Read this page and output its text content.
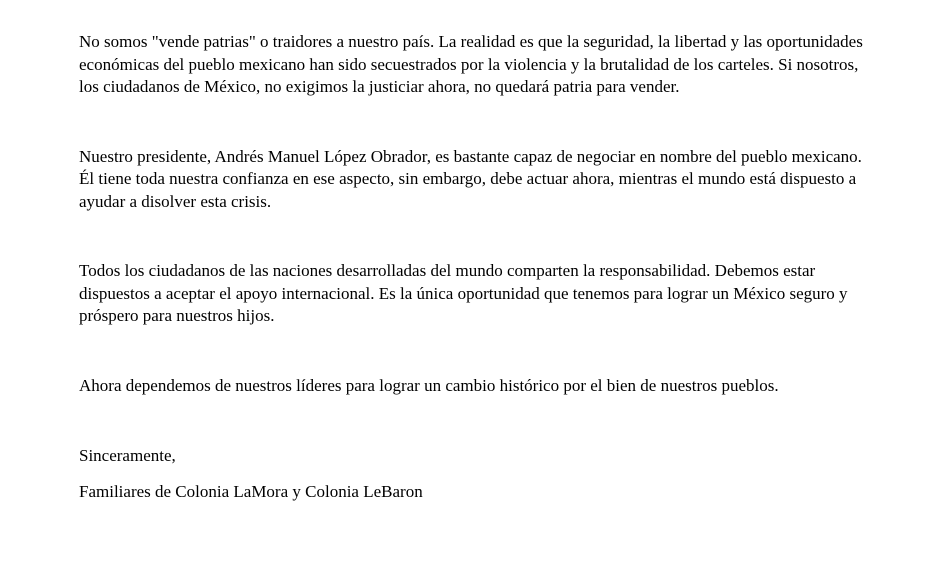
No somos "vende patrias" o traidores a nuestro país. La realidad es que la seguridad, la libertad y las oportunidades económicas del pueblo mexicano han sido secuestrados por la violencia y la brutalidad de los carteles. Si nosotros, los ciudadanos de México, no exigimos la justiciar ahora, no quedará patria para vender.

Nuestro presidente, Andrés Manuel López Obrador, es bastante capaz de negociar en nombre del pueblo mexicano. Él tiene toda nuestra confianza en ese aspecto, sin embargo, debe actuar ahora, mientras el mundo está dispuesto a ayudar a disolver esta crisis.

Todos los ciudadanos de las naciones desarrolladas del mundo comparten la responsabilidad. Debemos estar dispuestos a aceptar el apoyo internacional. Es la única oportunidad que tenemos para lograr un México seguro y próspero para nuestros hijos.

Ahora dependemos de nuestros líderes para lograr un cambio histórico por el bien de nuestros pueblos.

Sinceramente,

Familiares de Colonia LaMora y Colonia LeBaron
